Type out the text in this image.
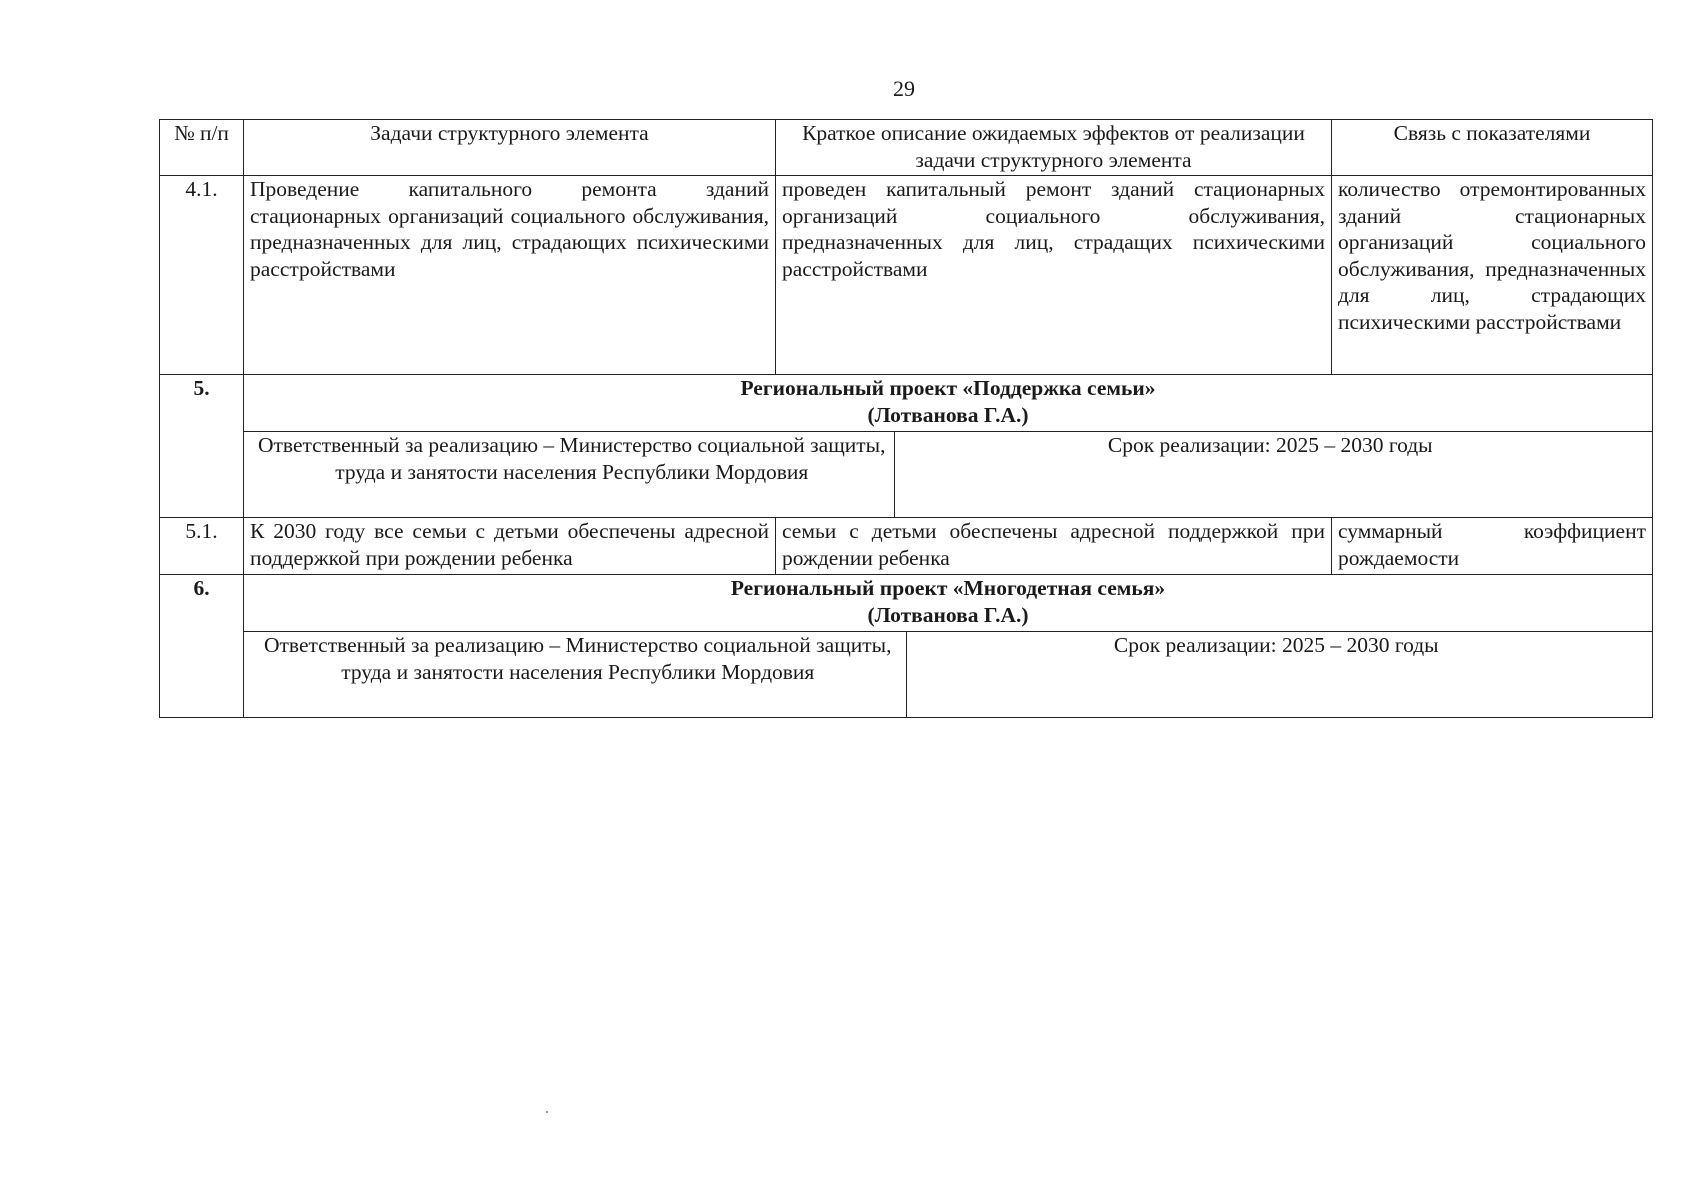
29
№ п/п	Задачи структурного элемента	Краткое описание ожидаемых эффектов от реализации задачи структурного элемента	Связь с показателями
4.1.	Проведение капитального ремонта зданий стационарных организаций социального обслуживания, предназначенных для лиц, страдающих психическими расстройствами	проведен капитальный ремонт зданий стационарных организаций социального обслуживания, предназначенных для лиц, страдащих психическими расстройствами	количество отремонтированных зданий стационарных организаций социального обслуживания, предназначенных для лиц, страдающих психическими расстройствами
5.	Региональный проект «Поддержка семьи»
(Лотванова Г.А.)

Ответственный за реализацию – Министерство социальной защиты, труда и занятости населения Республики Мордовия	Срок реализации: 2025 – 2030 годы

5.1.	К 2030 году все семьи с детьми обеспечены адресной поддержкой при рождении ребенка	семьи с детьми обеспечены адресной поддержкой при рождении ребенка	суммарный коэффициент рождаемости
6.	Региональный проект «Многодетная семья»
(Лотванова Г.А.)

Ответственный за реализацию – Министерство социальной защиты, труда и занятости населения Республики Мордовия	Срок реализации: 2025 – 2030 годы
